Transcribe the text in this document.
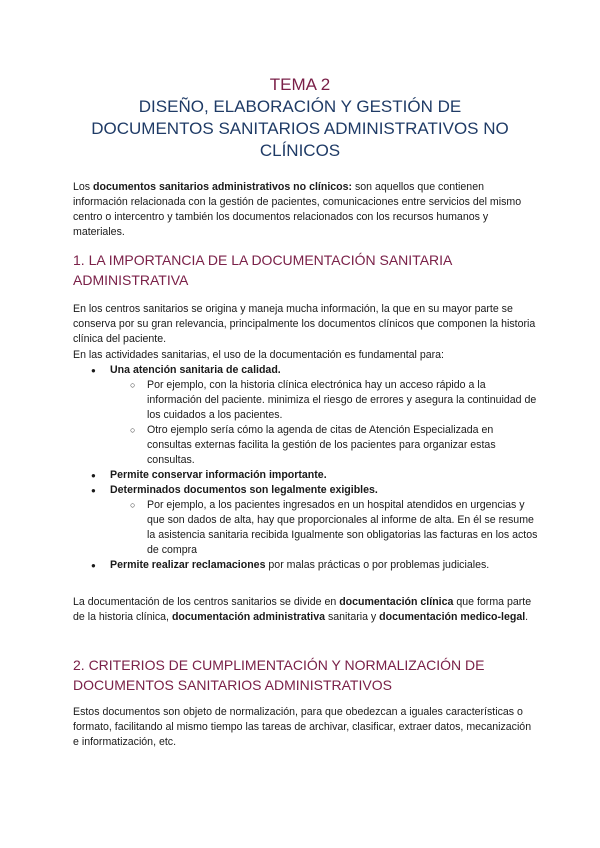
TEMA 2
DISEÑO, ELABORACIÓN Y GESTIÓN DE
DOCUMENTOS SANITARIOS ADMINISTRATIVOS NO
CLÍNICOS

Los documentos sanitarios administrativos no clínicos: son aquellos que contienen información relacionada con la gestión de pacientes, comunicaciones entre servicios del mismo centro o intercentro y también los documentos relacionados con los recursos humanos y materiales.

1. LA IMPORTANCIA DE LA DOCUMENTACIÓN SANITARIA ADMINISTRATIVA

En los centros sanitarios se origina y maneja mucha información, la que en su mayor parte se conserva por su gran relevancia, principalmente los documentos clínicos que componen la historia clínica del paciente.

En las actividades sanitarias, el uso de la documentación es fundamental para:

● Una atención sanitaria de calidad.
○ Por ejemplo, con la historia clínica electrónica hay un acceso rápido a la información del paciente. minimiza el riesgo de errores y asegura la continuidad de los cuidados a los pacientes.
○ Otro ejemplo sería cómo la agenda de citas de Atención Especializada en consultas externas facilita la gestión de los pacientes para organizar estas consultas.
● Permite conservar información importante.
● Determinados documentos son legalmente exigibles.
○ Por ejemplo, a los pacientes ingresados en un hospital atendidos en urgencias y que son dados de alta, hay que proporcionales al informe de alta. En él se resume la asistencia sanitaria recibida Igualmente son obligatorias las facturas en los actos de compra
● Permite realizar reclamaciones por malas prácticas o por problemas judiciales.

La documentación de los centros sanitarios se divide en documentación clínica que forma parte de la historia clínica, documentación administrativa sanitaria y documentación medico-legal.

2. CRITERIOS DE CUMPLIMENTACIÓN Y NORMALIZACIÓN DE DOCUMENTOS SANITARIOS ADMINISTRATIVOS

Estos documentos son objeto de normalización, para que obedezcan a iguales características o formato, facilitando al mismo tiempo las tareas de archivar, clasificar, extraer datos, mecanización e informatización, etc.
